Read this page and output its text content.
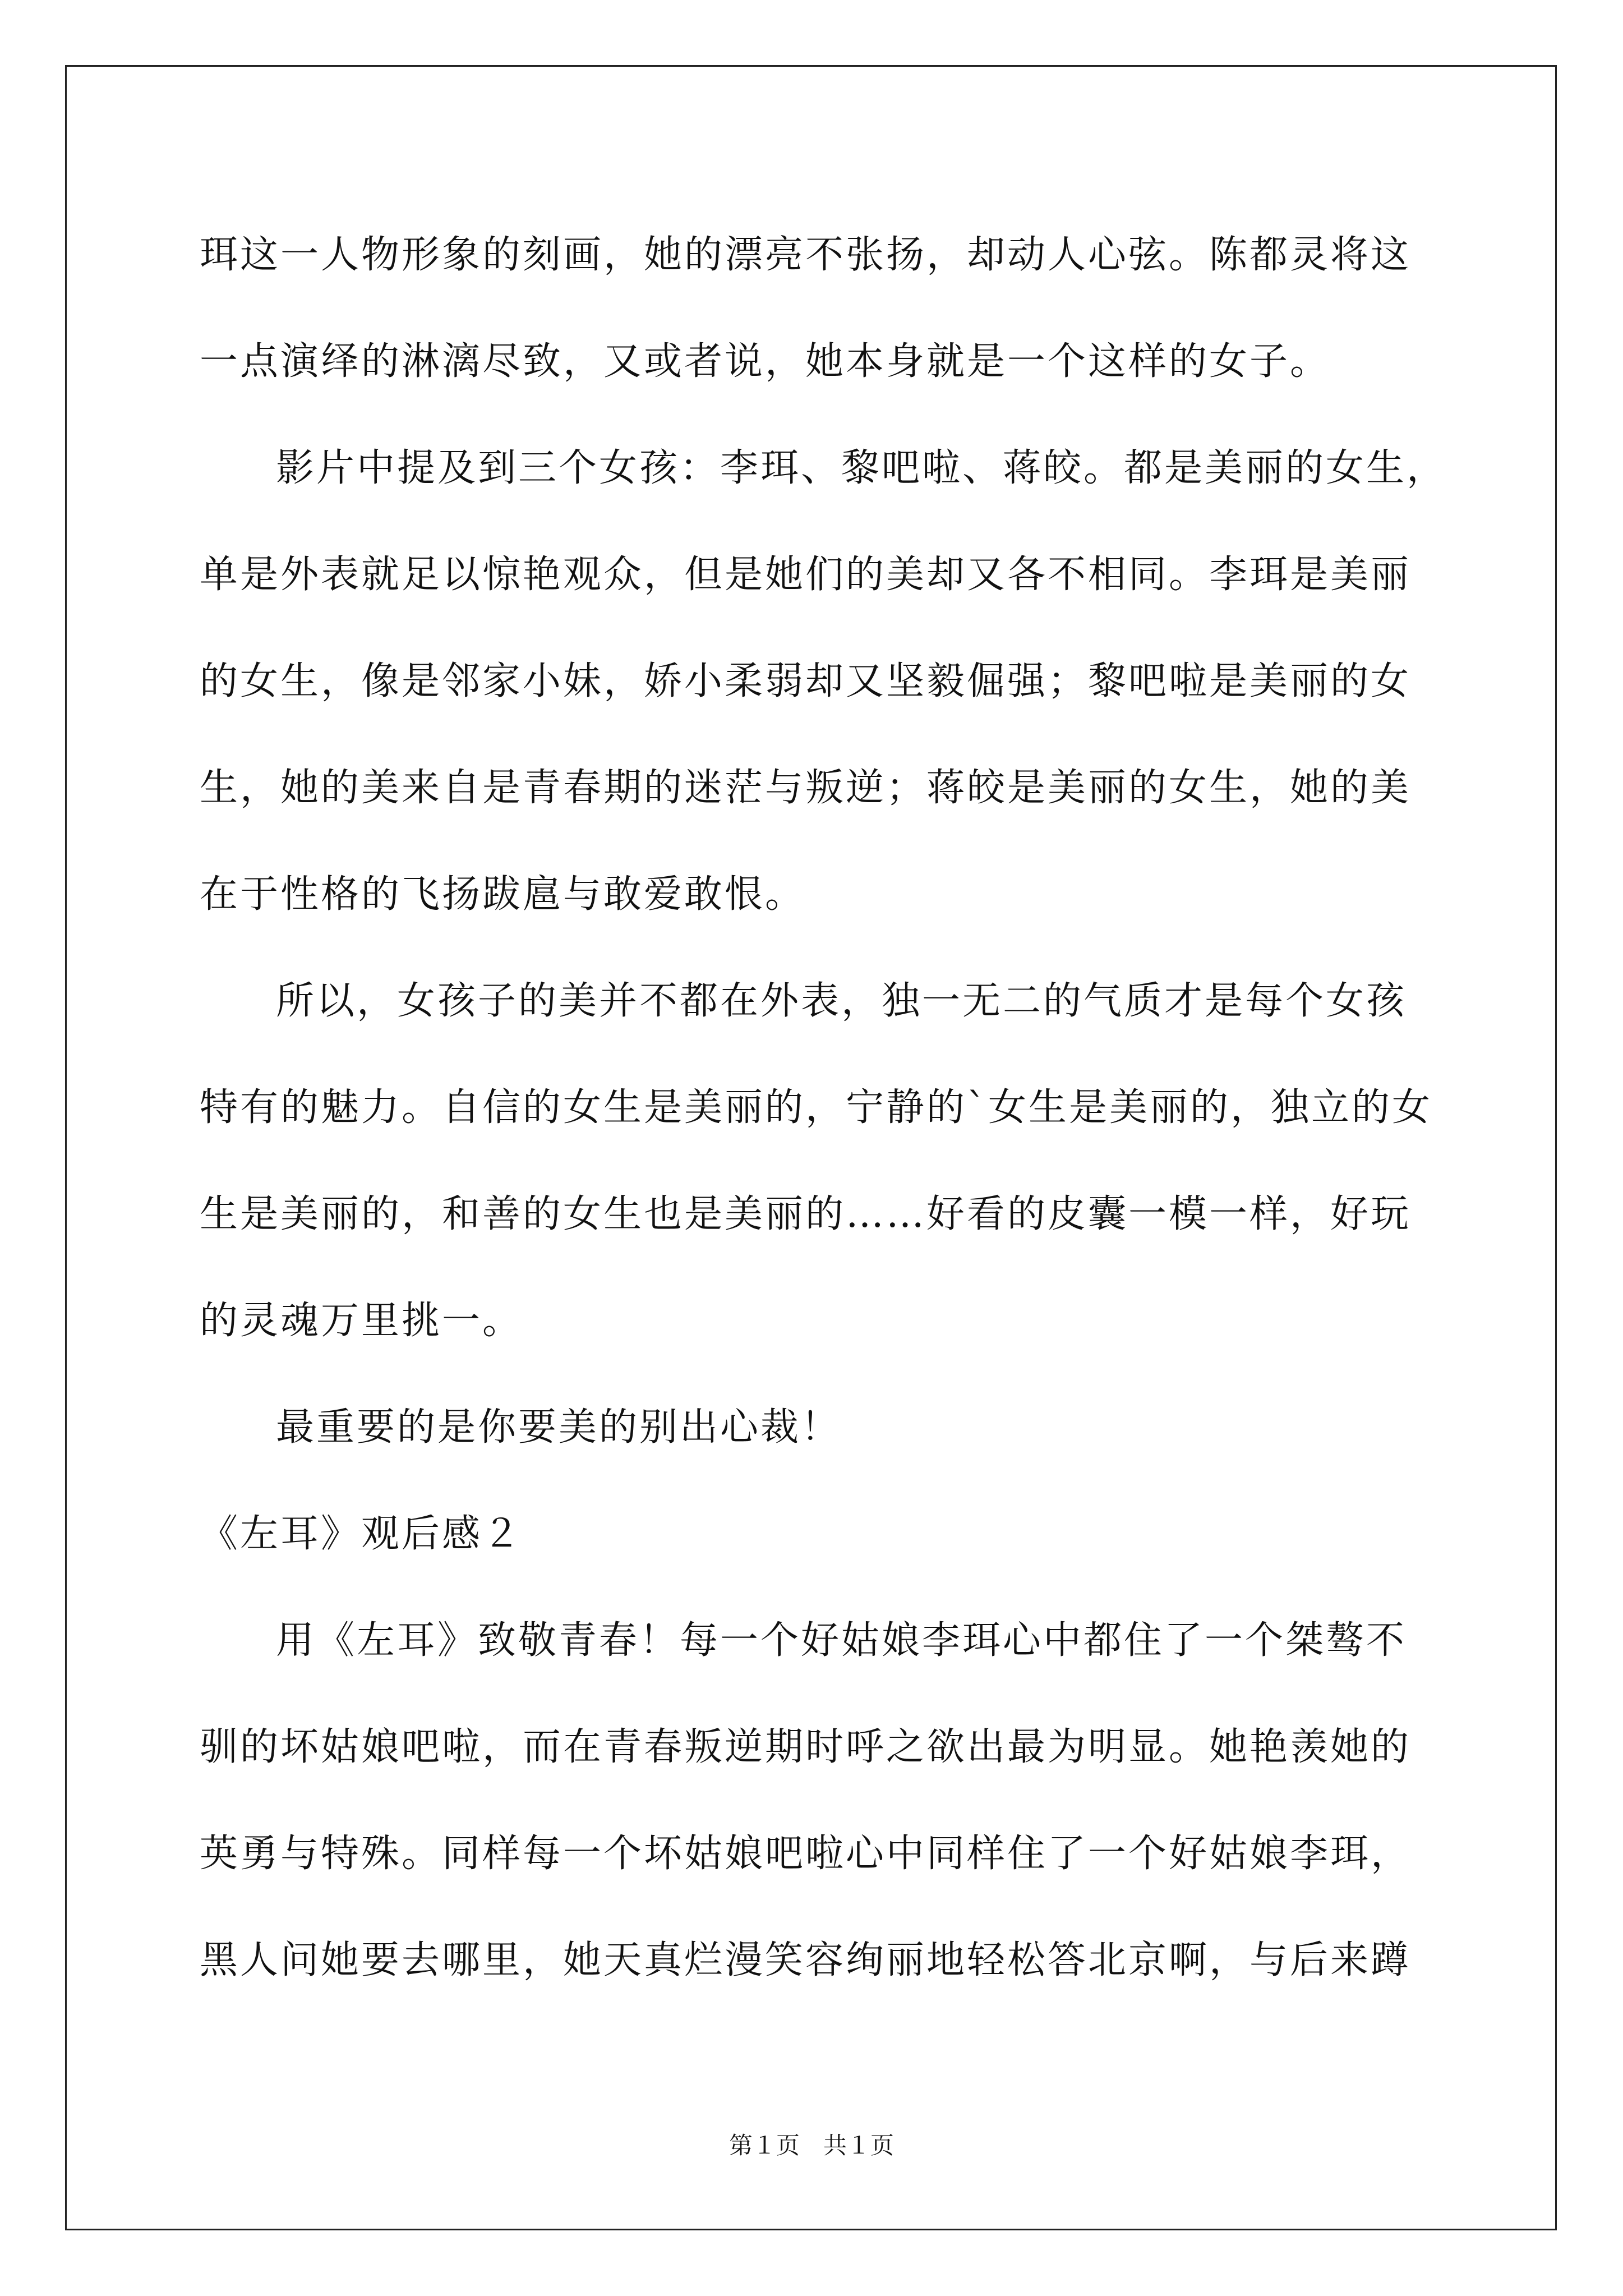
珥这一人物形象的刻画，她的漂亮不张扬，却动人心弦。陈都灵将这
一点演绎的淋漓尽致，又或者说，她本身就是一个这样的女子。
影片中提及到三个女孩：李珥、黎吧啦、蒋皎。都是美丽的女生，
单是外表就足以惊艳观众，但是她们的美却又各不相同。李珥是美丽
的女生，像是邻家小妹，娇小柔弱却又坚毅倔强；黎吧啦是美丽的女
生，她的美来自是青春期的迷茫与叛逆；蒋皎是美丽的女生，她的美
在于性格的飞扬跋扈与敢爱敢恨。
所以，女孩子的美并不都在外表，独一无二的气质才是每个女孩
特有的魅力。自信的女生是美丽的，宁静的`女生是美丽的，独立的女
生是美丽的，和善的女生也是美丽的……好看的皮囊一模一样，好玩
的灵魂万里挑一。
最重要的是你要美的别出心裁！
《左耳》观后感２
用《左耳》致敬青春！每一个好姑娘李珥心中都住了一个桀骜不
驯的坏姑娘吧啦，而在青春叛逆期时呼之欲出最为明显。她艳羡她的
英勇与特殊。同样每一个坏姑娘吧啦心中同样住了一个好姑娘李珥，
黑人问她要去哪里，她天真烂漫笑容绚丽地轻松答北京啊，与后来蹲
第１页　共１页
